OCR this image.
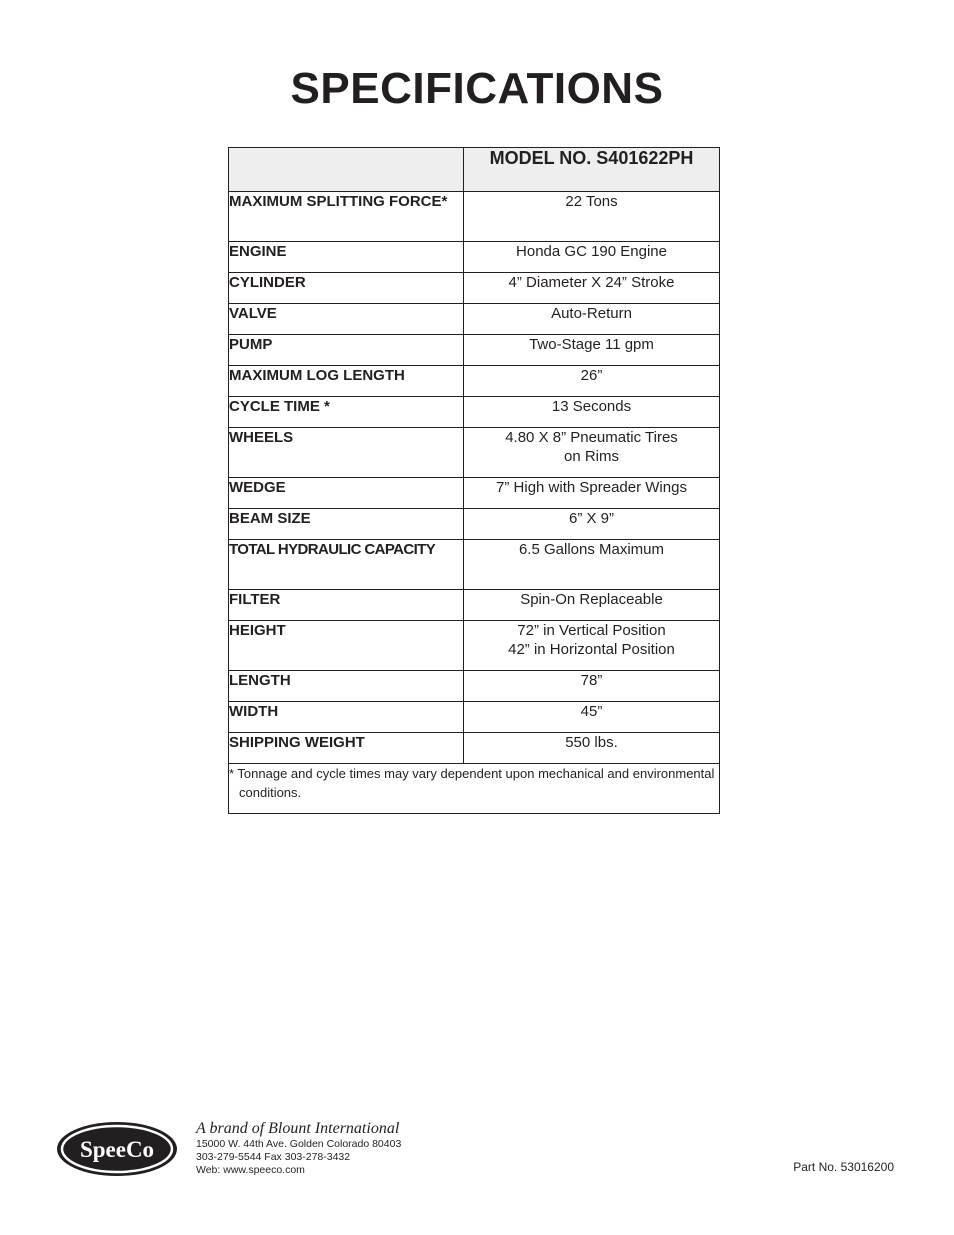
SPECIFICATIONS
	MODEL NO. S401622PH
MAXIMUM SPLITTING FORCE*	22 Tons

ENGINE	Honda GC 190 Engine

CYLINDER	4” Diameter X 24” Stroke

VALVE	Auto-Return

PUMP	Two-Stage 11 gpm

MAXIMUM LOG LENGTH	26”

CYCLE TIME *	13 Seconds

WHEELS	4.80 X 8” Pneumatic Tires
on Rims

WEDGE	7” High with Spreader Wings

BEAM SIZE	6” X 9”

TOTAL HYDRAULIC CAPACITY	6.5 Gallons Maximum

FILTER	Spin-On Replaceable

HEIGHT	72” in Vertical Position
42” in Horizontal Position

LENGTH	78”

WIDTH	45”

SHIPPING WEIGHT	550 lbs.

* Tonnage and cycle times may vary dependent upon mechanical and environmental conditions.	
SpeeCo
A brand of Blount International
15000 W. 44th Ave. Golden Colorado 80403
303-279-5544 Fax 303-278-3432
Web: www.speeco.com	Part No. 53016200
